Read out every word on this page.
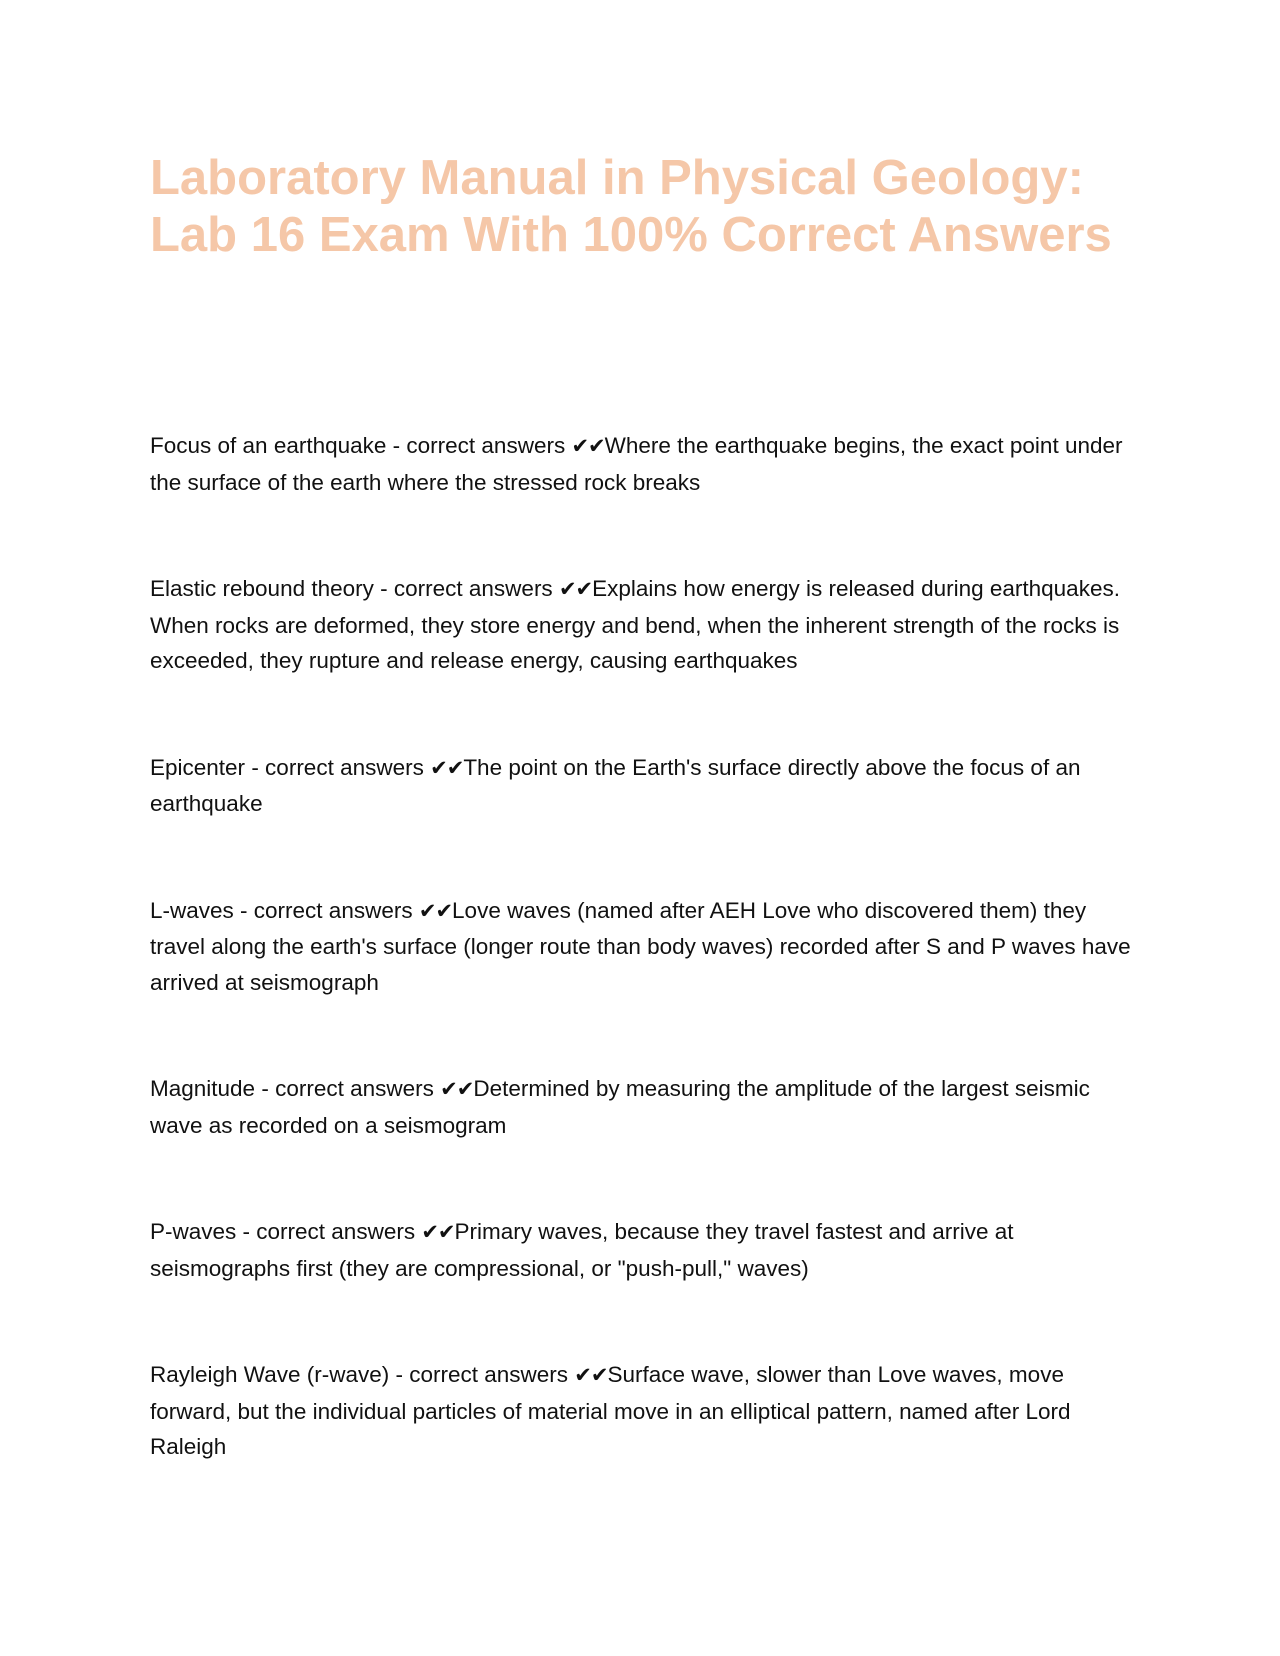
Laboratory Manual in Physical Geology: Lab 16 Exam With 100% Correct Answers

Focus of an earthquake - correct answers ✔✔Where the earthquake begins, the exact point under the surface of the earth where the stressed rock breaks

Elastic rebound theory - correct answers ✔✔Explains how energy is released during earthquakes. When rocks are deformed, they store energy and bend, when the inherent strength of the rocks is exceeded, they rupture and release energy, causing earthquakes

Epicenter - correct answers ✔✔The point on the Earth's surface directly above the focus of an earthquake

L-waves - correct answers ✔✔Love waves (named after AEH Love who discovered them) they travel along the earth's surface (longer route than body waves) recorded after S and P waves have arrived at seismograph

Magnitude - correct answers ✔✔Determined by measuring the amplitude of the largest seismic wave as recorded on a seismogram

P-waves - correct answers ✔✔Primary waves, because they travel fastest and arrive at seismographs first (they are compressional, or "push-pull," waves)

Rayleigh Wave (r-wave) - correct answers ✔✔Surface wave, slower than Love waves, move forward, but the individual particles of material move in an elliptical pattern, named after Lord Raleigh
